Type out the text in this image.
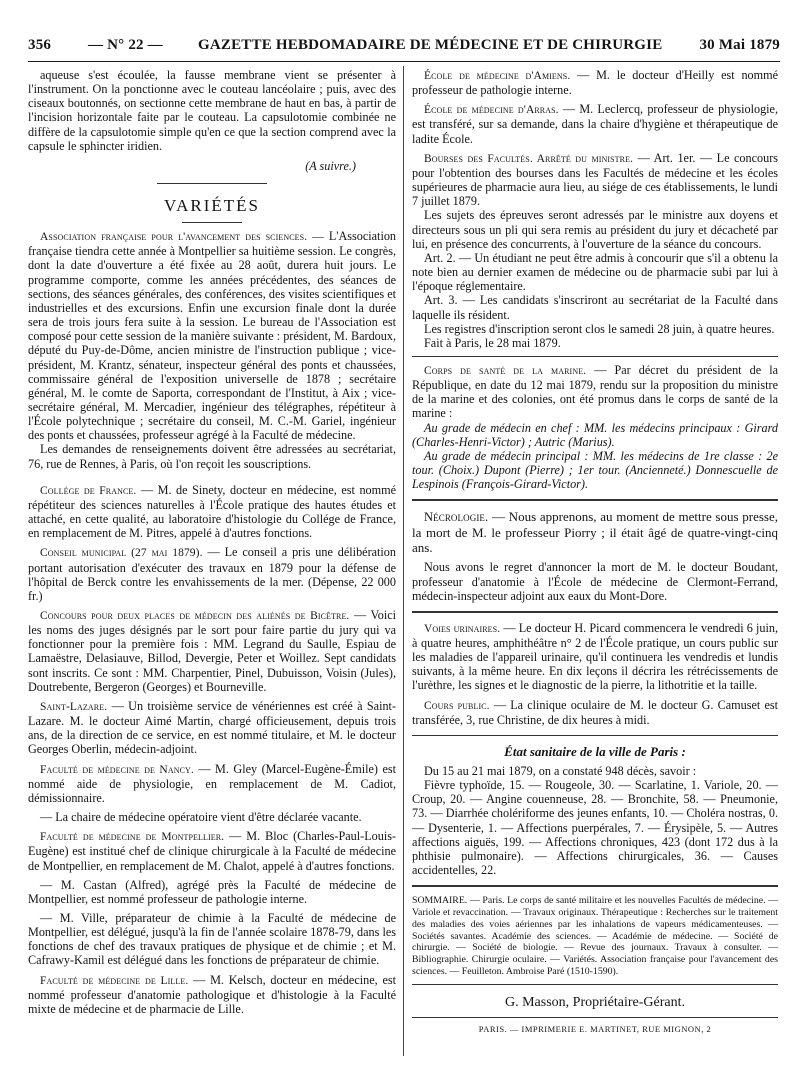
356 — N° 22 — GAZETTE HEBDOMADAIRE DE MÉDECINE ET DE CHIRURGIE 30 Mai 1879

aqueuse s'est écoulée, la fausse membrane vient se présenter à l'instrument. On la ponctionne avec le couteau lancéolaire ; puis, avec des ciseaux boutonnés, on sectionne cette membrane de haut en bas, à partir de l'incision horizontale faite par le couteau. La capsulotomie combinée ne diffère de la capsulotomie simple qu'en ce que la section comprend avec la capsule le sphincter iridien.

(A suivre.)

VARIÉTÉS

Association française pour l'avancement des sciences. — L'Association française tiendra cette année à Montpellier sa huitième session. Le congrès, dont la date d'ouverture a été fixée au 28 août, durera huit jours. Le programme comporte, comme les années précédentes, des séances de sections, des séances générales, des conférences, des visites scientifiques et industrielles et des excursions. Enfin une excursion finale dont la durée sera de trois jours fera suite à la session. Le bureau de l'Association est composé pour cette session de la manière suivante : président, M. Bardoux, député du Puy-de-Dôme, ancien ministre de l'instruction publique ; vice-président, M. Krantz, sénateur, inspecteur général des ponts et chaussées, commissaire général de l'exposition universelle de 1878 ; secrétaire général, M. le comte de Saporta, correspondant de l'Institut, à Aix ; vice-secrétaire général, M. Mercadier, ingénieur des télégraphes, répétiteur à l'École polytechnique ; secrétaire du conseil, M. C.-M. Gariel, ingénieur des ponts et chaussées, professeur agrégé à la Faculté de médecine.

Les demandes de renseignements doivent être adressées au secrétariat, 76, rue de Rennes, à Paris, où l'on reçoit les souscriptions.

Collége de France. — M. de Sinety, docteur en médecine, est nommé répétiteur des sciences naturelles à l'École pratique des hautes études et attaché, en cette qualité, au laboratoire d'histologie du Collége de France, en remplacement de M. Pitres, appelé à d'autres fonctions.

Conseil municipal (27 mai 1879). — Le conseil a pris une délibération portant autorisation d'exécuter des travaux en 1879 pour la défense de l'hôpital de Berck contre les envahissements de la mer. (Dépense, 22 000 fr.)

Concours pour deux places de médecin des aliénés de Bicêtre. — Voici les noms des juges désignés par le sort pour faire partie du jury qui va fonctionner pour la première fois : MM. Legrand du Saulle, Espiau de Lamaëstre, Delasiauve, Billod, Devergie, Peter et Woillez. Sept candidats sont inscrits. Ce sont : MM. Charpentier, Pinel, Dubuisson, Voisin (Jules), Doutrebente, Bergeron (Georges) et Bourneville.

Saint-Lazare. — Un troisième service de vénériennes est créé à Saint-Lazare. M. le docteur Aimé Martin, chargé officieusement, depuis trois ans, de la direction de ce service, en est nommé titulaire, et M. le docteur Georges Oberlin, médecin-adjoint.

Faculté de médecine de Nancy. — M. Gley (Marcel-Eugène-Émile) est nommé aide de physiologie, en remplacement de M. Cadiot, démissionnaire.

— La chaire de médecine opératoire vient d'être déclarée vacante.

Faculté de médecine de Montpellier. — M. Bloc (Charles-Paul-Louis-Eugène) est institué chef de clinique chirurgicale à la Faculté de médecine de Montpellier, en remplacement de M. Chalot, appelé à d'autres fonctions.

— M. Castan (Alfred), agrégé près la Faculté de médecine de Montpellier, est nommé professeur de pathologie interne.

— M. Ville, préparateur de chimie à la Faculté de médecine de Montpellier, est délégué, jusqu'à la fin de l'année scolaire 1878-79, dans les fonctions de chef des travaux pratiques de physique et de chimie ; et M. Cafrawy-Kamil est délégué dans les fonctions de préparateur de chimie.

Faculté de médecine de Lille. — M. Kelsch, docteur en médecine, est nommé professeur d'anatomie pathologique et d'histologie à la Faculté mixte de médecine et de pharmacie de Lille.

École de médecine d'Amiens. — M. le docteur d'Heilly est nommé professeur de pathologie interne.

École de médecine d'Arras. — M. Leclercq, professeur de physiologie, est transféré, sur sa demande, dans la chaire d'hygiène et thérapeutique de ladite École.

Bourses des Facultés. Arrêté du ministre. — Art. 1er. — Le concours pour l'obtention des bourses dans les Facultés de médecine et les écoles supérieures de pharmacie aura lieu, au siége de ces établissements, le lundi 7 juillet 1879.

Les sujets des épreuves seront adressés par le ministre aux doyens et directeurs sous un pli qui sera remis au président du jury et décacheté par lui, en présence des concurrents, à l'ouverture de la séance du concours.

Art. 2. — Un étudiant ne peut être admis à concourir que s'il a obtenu la note bien au dernier examen de médecine ou de pharmacie subi par lui à l'époque réglementaire.

Art. 3. — Les candidats s'inscriront au secrétariat de la Faculté dans laquelle ils résident.

Les registres d'inscription seront clos le samedi 28 juin, à quatre heures.

Fait à Paris, le 28 mai 1879.

Corps de santé de la marine. — Par décret du président de la République, en date du 12 mai 1879, rendu sur la proposition du ministre de la marine et des colonies, ont été promus dans le corps de santé de la marine :

Au grade de médecin en chef : MM. les médecins principaux : Girard (Charles-Henri-Victor) ; Autric (Marius).

Au grade de médecin principal : MM. les médecins de 1re classe : 2e tour. (Choix.) Dupont (Pierre) ; 1er tour. (Ancienneté.) Donnescuelle de Lespinois (François-Girard-Victor).

Nécrologie. — Nous apprenons, au moment de mettre sous presse, la mort de M. le professeur Piorry ; il était âgé de quatre-vingt-cinq ans.

Nous avons le regret d'annoncer la mort de M. le docteur Boudant, professeur d'anatomie à l'École de médecine de Clermont-Ferrand, médecin-inspecteur adjoint aux eaux du Mont-Dore.

Voies urinaires. — Le docteur H. Picard commencera le vendredi 6 juin, à quatre heures, amphithéâtre n° 2 de l'École pratique, un cours public sur les maladies de l'appareil urinaire, qu'il continuera les vendredis et lundis suivants, à la même heure. En dix leçons il décrira les rétrécissements de l'urèthre, les signes et le diagnostic de la pierre, la lithotritie et la taille.

Cours public. — La clinique oculaire de M. le docteur G. Camuset est transférée, 3, rue Christine, de dix heures à midi.

État sanitaire de la ville de Paris :

Du 15 au 21 mai 1879, on a constaté 948 décès, savoir :

Fièvre typhoïde, 15. — Rougeole, 30. — Scarlatine, 1. Variole, 20. — Croup, 20. — Angine couenneuse, 28. — Bronchite, 58. — Pneumonie, 73. — Diarrhée cholériforme des jeunes enfants, 10. — Choléra nostras, 0. — Dysenterie, 1. — Affections puerpérales, 7. — Érysipèle, 5. — Autres affections aiguës, 199. — Affections chroniques, 423 (dont 172 dus à la phthisie pulmonaire). — Affections chirurgicales, 36. — Causes accidentelles, 22.

SOMMAIRE. — Paris. Le corps de santé militaire et les nouvelles Facultés de médecine. — Variole et revaccination. — Travaux originaux. Thérapeutique : Recherches sur le traitement des maladies des voies aériennes par les inhalations de vapeurs médicamenteuses. — Sociétés savantes. Académie des sciences. — Académie de médecine. — Société de chirurgie. — Société de biologie. — Revue des journaux. Travaux à consulter. — Bibliographie. Chirurgie oculaire. — Variétés. Association française pour l'avancement des sciences. — Feuilleton. Ambroise Paré (1510-1590).

G. Masson, Propriétaire-Gérant.
PARIS. — IMPRIMERIE E. MARTINET, RUE MIGNON, 2
